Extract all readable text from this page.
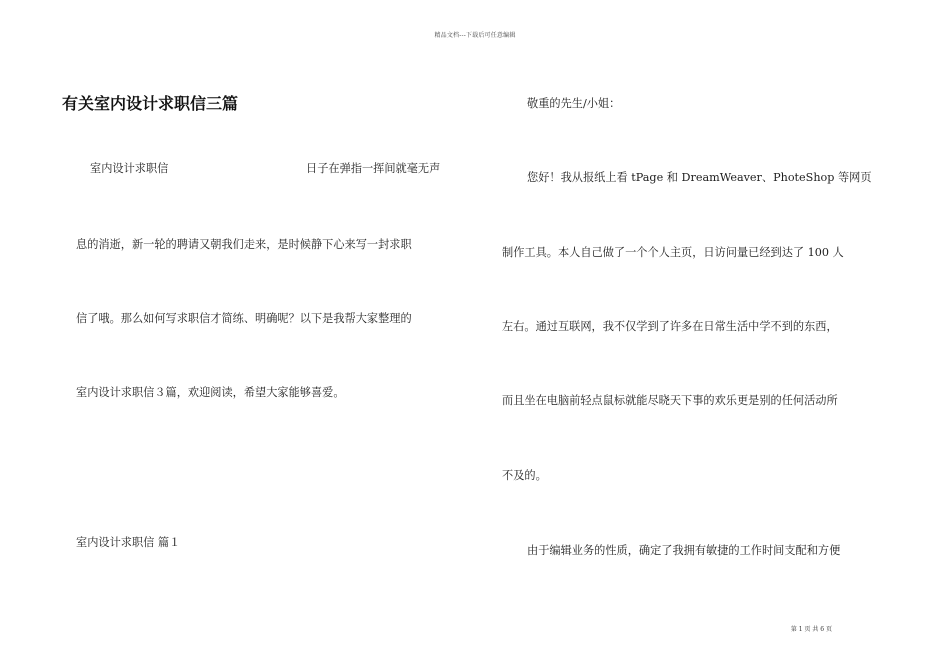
精品文档---下载后可任意编辑
有关室内设计求职信三篇
室内设计求职信	日子在弹指一挥间就毫无声
息的消逝，新一轮的聘请又朝我们走来，是时候静下心来写一封求职
信了哦。那么如何写求职信才简练、明确呢？以下是我帮大家整理的
室内设计求职信３篇，欢迎阅读，希望大家能够喜爱。
室内设计求职信 篇１
敬重的先生/小姐：
您好！我从报纸上看 tPage 和 DreamWeaver、PhoteShop 等网页
制作工具。本人自己做了一个个人主页，日访问量已经到达了 100 人
左右。通过互联网，我不仅学到了许多在日常生活中学不到的东西，
而且坐在电脑前轻点鼠标就能尽晓天下事的欢乐更是别的任何活动所
不及的。
由于编辑业务的性质，确定了我拥有敏捷的工作时间支配和方便
第 1 页 共 6 页
